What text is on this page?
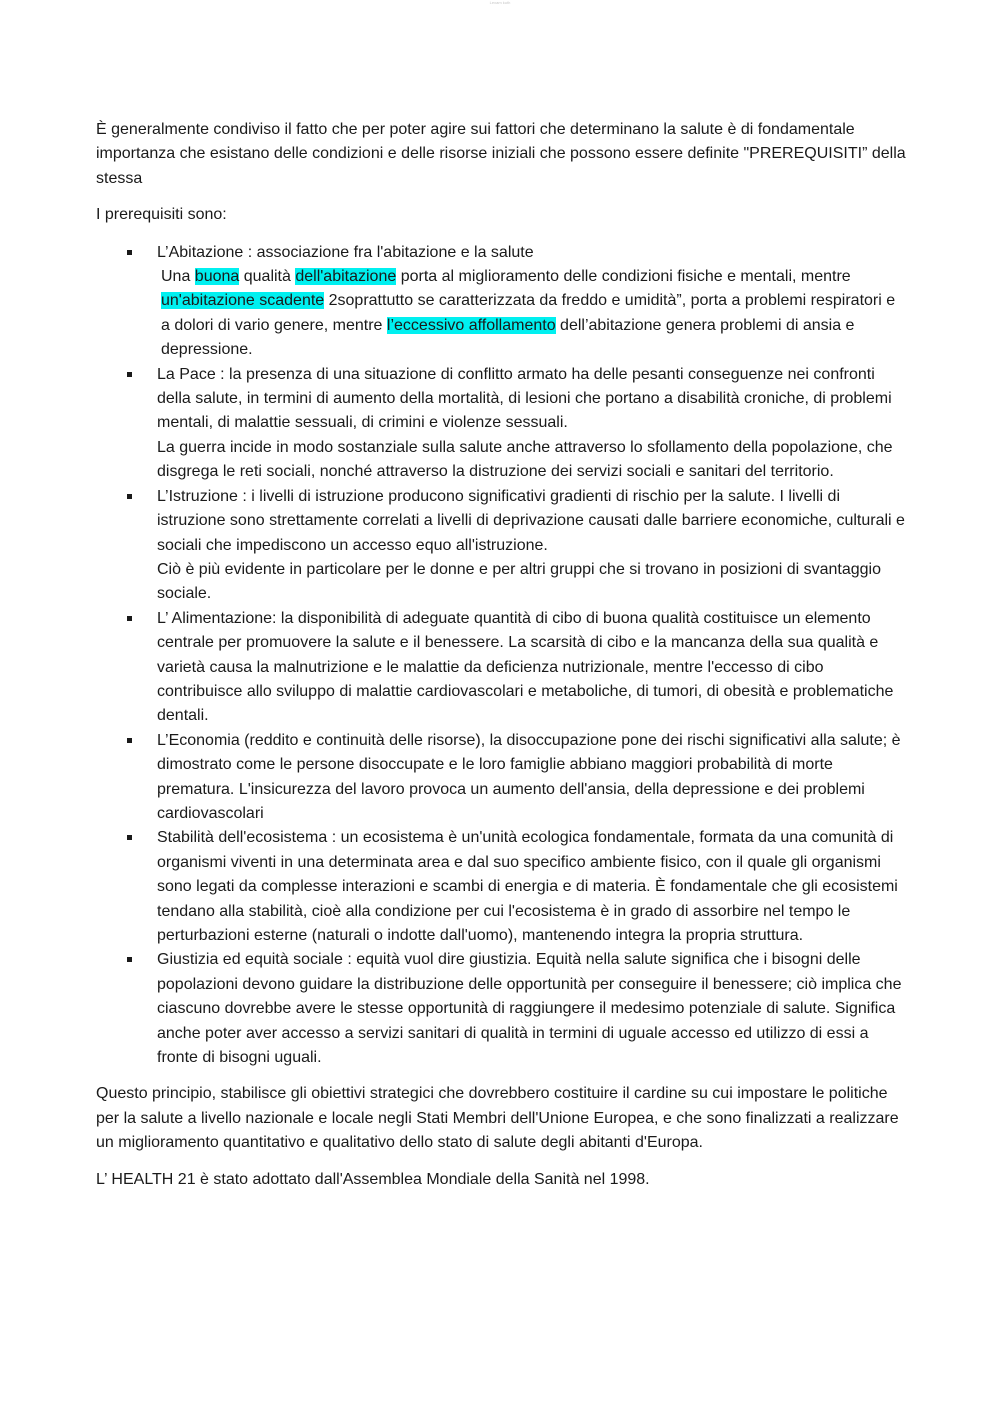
Lexam kuth

È generalmente condiviso il fatto che per poter agire sui fattori che determinano la salute è di fondamentale importanza che esistano delle condizioni e delle risorse iniziali che possono essere definite "PREREQUISITI” della stessa

I prerequisiti sono:

L’Abitazione : associazione fra l'abitazione e la salute
Una buona qualità dell'abitazione porta al miglioramento delle condizioni fisiche e mentali, mentre un'abitazione scadente 2soprattutto se caratterizzata da freddo e umidità”, porta a problemi respiratori e a dolori di vario genere, mentre l’eccessivo affollamento dell’abitazione genera problemi di ansia e depressione.
La Pace : la presenza di una situazione di conflitto armato ha delle pesanti conseguenze nei confronti della salute, in termini di aumento della mortalità, di lesioni che portano a disabilità croniche, di problemi mentali, di malattie sessuali, di crimini e violenze sessuali.
La guerra incide in modo sostanziale sulla salute anche attraverso lo sfollamento della popolazione, che disgrega le reti sociali, nonché attraverso la distruzione dei servizi sociali e sanitari del territorio.
L’Istruzione : i livelli di istruzione producono significativi gradienti di rischio per la salute. I livelli di istruzione sono strettamente correlati a livelli di deprivazione causati dalle barriere economiche, culturali e sociali che impediscono un accesso equo all'istruzione.
Ciò è più evidente in particolare per le donne e per altri gruppi che si trovano in posizioni di svantaggio sociale.
L’ Alimentazione: la disponibilità di adeguate quantità di cibo di buona qualità costituisce un elemento centrale per promuovere la salute e il benessere. La scarsità di cibo e la mancanza della sua qualità e varietà causa la malnutrizione e le malattie da deficienza nutrizionale, mentre l'eccesso di cibo contribuisce allo sviluppo di malattie cardiovascolari e metaboliche, di tumori, di obesità e problematiche dentali.
L’Economia (reddito e continuità delle risorse), la disoccupazione pone dei rischi significativi alla salute; è dimostrato come le persone disoccupate e le loro famiglie abbiano maggiori probabilità di morte prematura. L'insicurezza del lavoro provoca un aumento dell'ansia, della depressione e dei problemi cardiovascolari
Stabilità dell'ecosistema : un ecosistema è un'unità ecologica fondamentale, formata da una comunità di organismi viventi in una determinata area e dal suo specifico ambiente fisico, con il quale gli organismi sono legati da complesse interazioni e scambi di energia e di materia. È fondamentale che gli ecosistemi tendano alla stabilità, cioè alla condizione per cui l'ecosistema è in grado di assorbire nel tempo le perturbazioni esterne (naturali o indotte dall'uomo), mantenendo integra la propria struttura.
Giustizia ed equità sociale : equità vuol dire giustizia. Equità nella salute significa che i bisogni delle popolazioni devono guidare la distribuzione delle opportunità per conseguire il benessere; ciò implica che ciascuno dovrebbe avere le stesse opportunità di raggiungere il medesimo potenziale di salute. Significa anche poter aver accesso a servizi sanitari di qualità in termini di uguale accesso ed utilizzo di essi a fronte di bisogni uguali.

Questo principio, stabilisce gli obiettivi strategici che dovrebbero costituire il cardine su cui impostare le politiche per la salute a livello nazionale e locale negli Stati Membri dell'Unione Europea, e che sono finalizzati a realizzare un miglioramento quantitativo e qualitativo dello stato di salute degli abitanti d'Europa.

L’ HEALTH 21 è stato adottato dall'Assemblea Mondiale della Sanità nel 1998.
